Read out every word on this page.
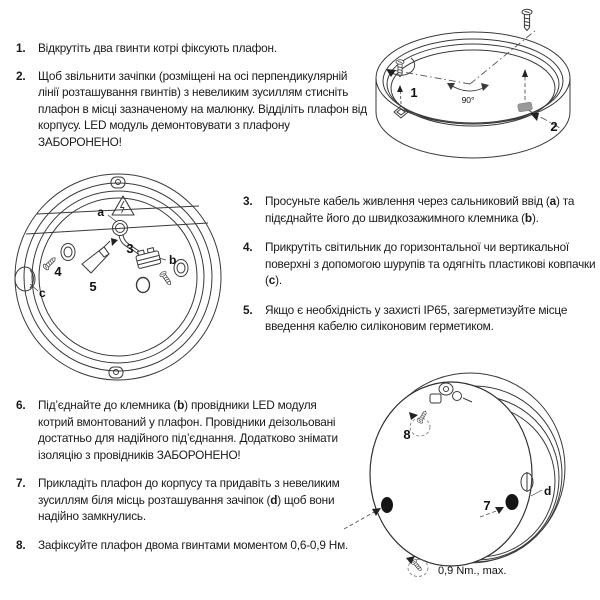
1.	Відкрутіть два гвинти котрі фіксують плафон.
2.	Щоб звільнити зачіпки (розміщені на осі перпендикулярній лінії розташування гвинтів) з невеликим зусиллям стисніть плафон в місці зазначеному на малюнку. Відділіть плафон від корпусу. LED модуль демонтовувати з плафону ЗАБОРОНЕНО!
3.	Просуньте кабель живлення через сальниковий ввід (a) та підєднайте його до швидкозажимного клемника (b).
4.	Прикрутіть світильник до горизонтальної чи вертикальної поверхні з допомогою шурупів та одягніть пластикові ковпачки (c).
5.	Якщо є необхідність у захисті IP65, загерметизуйте місце введення кабелю силіконовим герметиком.
6.	Під’єднайте до клемника (b) провідники LED модуля котрий вмонтований у плафон. Провідники деізольовані достатньо для надійного під’єднання. Додатково знімати ізоляцію з провідників ЗАБОРОНЕНО!
7.	Прикладіть плафон до корпусу та придавіть з невеликим зусиллям біля місць розташування зачіпок (d) щоб вони надійно замкнулись.
8.	Зафіксуйте плафон двома гвинтами моментом 0,6-0,9 Нм.
90°
1
2
a
b
c
3
4
5
8
7
d
0,9 Nm., max.
